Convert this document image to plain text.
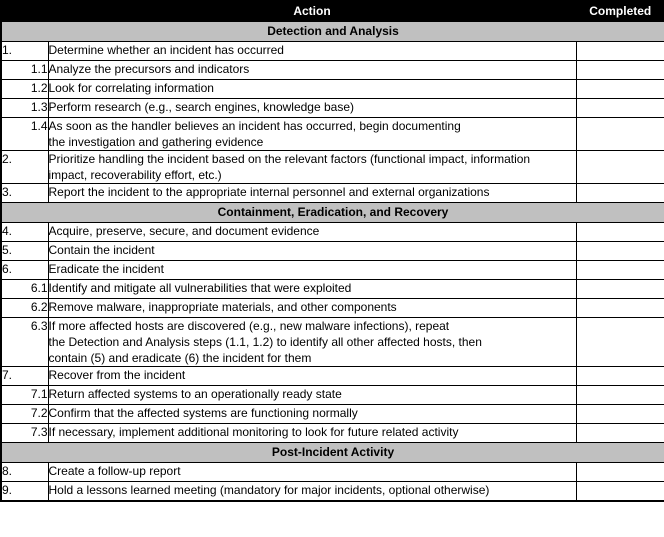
	Action	Completed
Detection and Analysis		
1.	Determine whether an incident has occurred	

1.1	Analyze the precursors and indicators	

1.2	Look for correlating information	

1.3	Perform research (e.g., search engines, knowledge base)	

1.4	As soon as the handler believes an incident has occurred, begin documenting
the investigation and gathering evidence	

2.	Prioritize handling the incident based on the relevant factors (functional impact, information
impact, recoverability effort, etc.)	

3.	Report the incident to the appropriate internal personnel and external organizations	

Containment, Eradication, and Recovery		
4.	Acquire, preserve, secure, and document evidence	

5.	Contain the incident	

6.	Eradicate the incident	

6.1	Identify and mitigate all vulnerabilities that were exploited	

6.2	Remove malware, inappropriate materials, and other components	

6.3	If more affected hosts are discovered (e.g., new malware infections), repeat
the Detection and Analysis steps (1.1, 1.2) to identify all other affected hosts, then
contain (5) and eradicate (6) the incident for them	

7.	Recover from the incident	

7.1	Return affected systems to an operationally ready state	

7.2	Confirm that the affected systems are functioning normally	

7.3	If necessary, implement additional monitoring to look for future related activity	

Post-Incident Activity		
8.	Create a follow-up report	

9.	Hold a lessons learned meeting (mandatory for major incidents, optional otherwise)	
